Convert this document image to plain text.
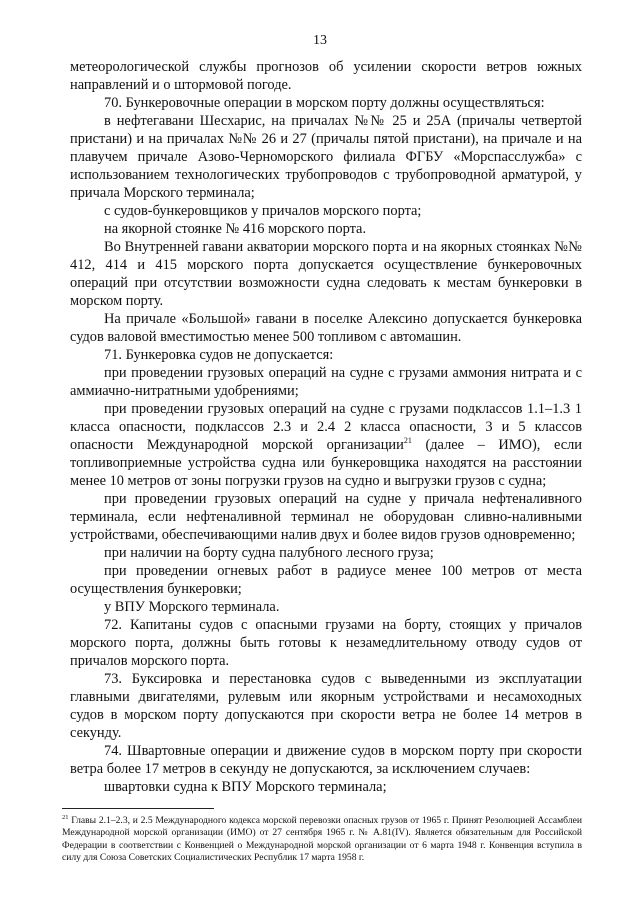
13

метеорологической службы прогнозов об усилении скорости ветров южных направлений и о штормовой погоде.

70. Бункеровочные операции в морском порту должны осуществляться:

в нефтегавани Шесхарис, на причалах №№ 25 и 25А (причалы четвертой пристани) и на причалах №№ 26 и 27 (причалы пятой пристани), на причале и на плавучем причале Азово-Черноморского филиала ФГБУ «Морспасслужба» с использованием технологических трубопроводов с трубопроводной арматурой, у причала Морского терминала;

с судов-бункеровщиков у причалов морского порта;

на якорной стоянке № 416 морского порта.

Во Внутренней гавани акватории морского порта и на якорных стоянках №№ 412, 414 и 415 морского порта допускается осуществление бункеровочных операций при отсутствии возможности судна следовать к местам бункеровки в морском порту.

На причале «Большой» гавани в поселке Алексино допускается бункеровка судов валовой вместимостью менее 500 топливом с автомашин.

71. Бункеровка судов не допускается:

при проведении грузовых операций на судне с грузами аммония нитрата и с аммиачно-нитратными удобрениями;

при проведении грузовых операций на судне с грузами подклассов 1.1–1.3 1 класса опасности, подклассов 2.3 и 2.4 2 класса опасности, 3 и 5 классов опасности Международной морской организации$^{21}$ (далее – ИМО), если топливоприемные устройства судна или бункеровщика находятся на расстоянии менее 10 метров от зоны погрузки грузов на судно и выгрузки грузов с судна;

при проведении грузовых операций на судне у причала нефтеналивного терминала, если нефтеналивной терминал не оборудован сливно-наливными устройствами, обеспечивающими налив двух и более видов грузов одновременно;

при наличии на борту судна палубного лесного груза;

при проведении огневых работ в радиусе менее 100 метров от места осуществления бункеровки;

у ВПУ Морского терминала.

72. Капитаны судов с опасными грузами на борту, стоящих у причалов морского порта, должны быть готовы к незамедлительному отводу судов от причалов морского порта.

73. Буксировка и перестановка судов с выведенными из эксплуатации главными двигателями, рулевым или якорным устройствами и несамоходных судов в морском порту допускаются при скорости ветра не более 14 метров в секунду.

74. Швартовные операции и движение судов в морском порту при скорости ветра более 17 метров в секунду не допускаются, за исключением случаев:

швартовки судна к ВПУ Морского терминала;

$^{21}$ Главы 2.1–2.3, и 2.5 Международного кодекса морской перевозки опасных грузов от 1965 г. Принят Резолюцией Ассамблеи Международной морской организации (ИМО) от 27 сентября 1965 г. № A.81(IV). Является обязательным для Российской Федерации в соответствии с Конвенцией о Международной морской организации от 6 марта 1948 г. Конвенция вступила в силу для Союза Советских Социалистических Республик 17 марта 1958 г.
